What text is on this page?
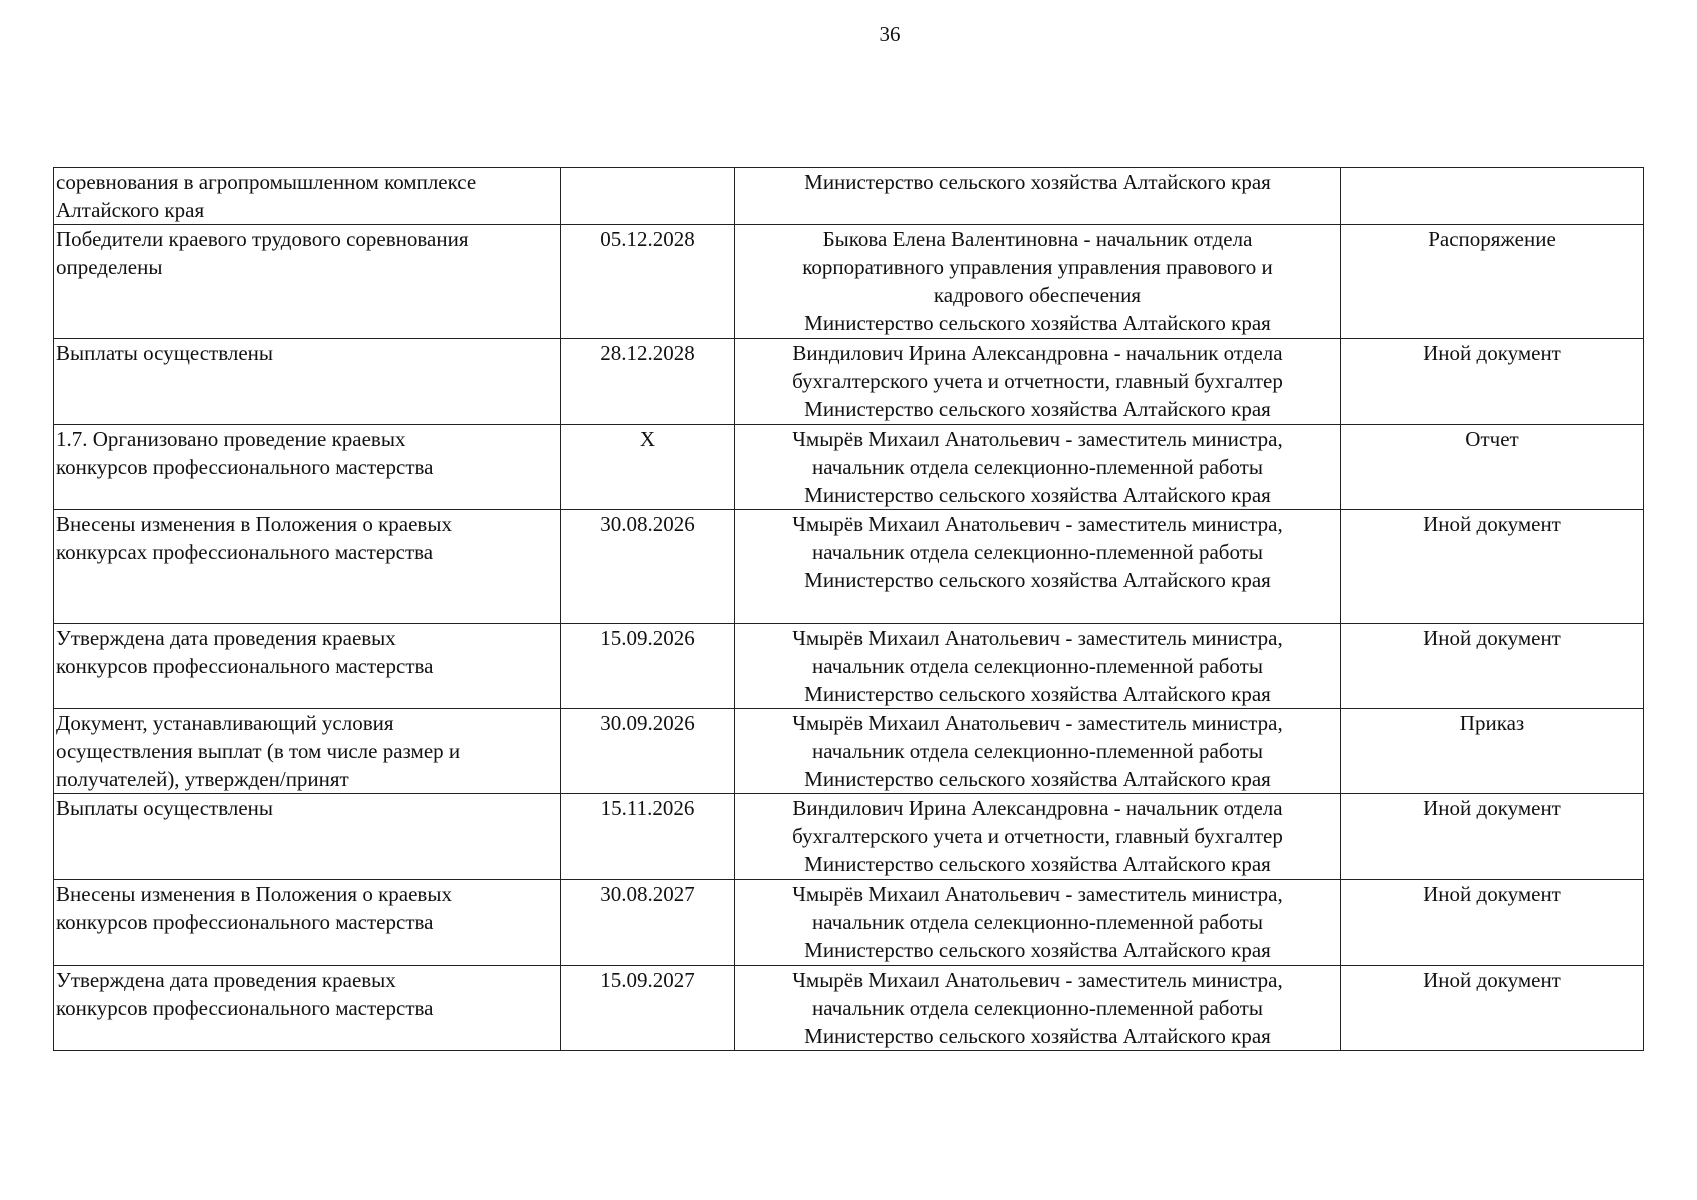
36
соревнования в агропромышленном комплексе
Алтайского края		Министерство сельского хозяйства Алтайского края	

Победители краевого трудового соревнования
определены	05.12.2028	Быкова Елена Валентиновна - начальник отдела
корпоративного управления управления правового и
кадрового обеспечения
Министерство сельского хозяйства Алтайского края	Распоряжение

Выплаты осуществлены	28.12.2028	Виндилович Ирина Александровна - начальник отдела
бухгалтерского учета и отчетности, главный бухгалтер
Министерство сельского хозяйства Алтайского края	Иной документ

1.7. Организовано проведение краевых
конкурсов профессионального мастерства	Х	Чмырёв Михаил Анатольевич - заместитель министра,
начальник отдела селекционно-племенной работы
Министерство сельского хозяйства Алтайского края	Отчет

Внесены изменения в Положения о краевых
конкурсах профессионального мастерства	30.08.2026	Чмырёв Михаил Анатольевич - заместитель министра,
начальник отдела селекционно-племенной работы
Министерство сельского хозяйства Алтайского края	Иной документ

Утверждена дата проведения краевых
конкурсов профессионального мастерства	15.09.2026	Чмырёв Михаил Анатольевич - заместитель министра,
начальник отдела селекционно-племенной работы
Министерство сельского хозяйства Алтайского края	Иной документ

Документ, устанавливающий условия
осуществления выплат (в том числе размер и
получателей), утвержден/принят	30.09.2026	Чмырёв Михаил Анатольевич - заместитель министра,
начальник отдела селекционно-племенной работы
Министерство сельского хозяйства Алтайского края	Приказ

Выплаты осуществлены	15.11.2026	Виндилович Ирина Александровна - начальник отдела
бухгалтерского учета и отчетности, главный бухгалтер
Министерство сельского хозяйства Алтайского края	Иной документ

Внесены изменения в Положения о краевых
конкурсов профессионального мастерства	30.08.2027	Чмырёв Михаил Анатольевич - заместитель министра,
начальник отдела селекционно-племенной работы
Министерство сельского хозяйства Алтайского края	Иной документ

Утверждена дата проведения краевых
конкурсов профессионального мастерства	15.09.2027	Чмырёв Михаил Анатольевич - заместитель министра,
начальник отдела селекционно-племенной работы
Министерство сельского хозяйства Алтайского края	Иной документ
